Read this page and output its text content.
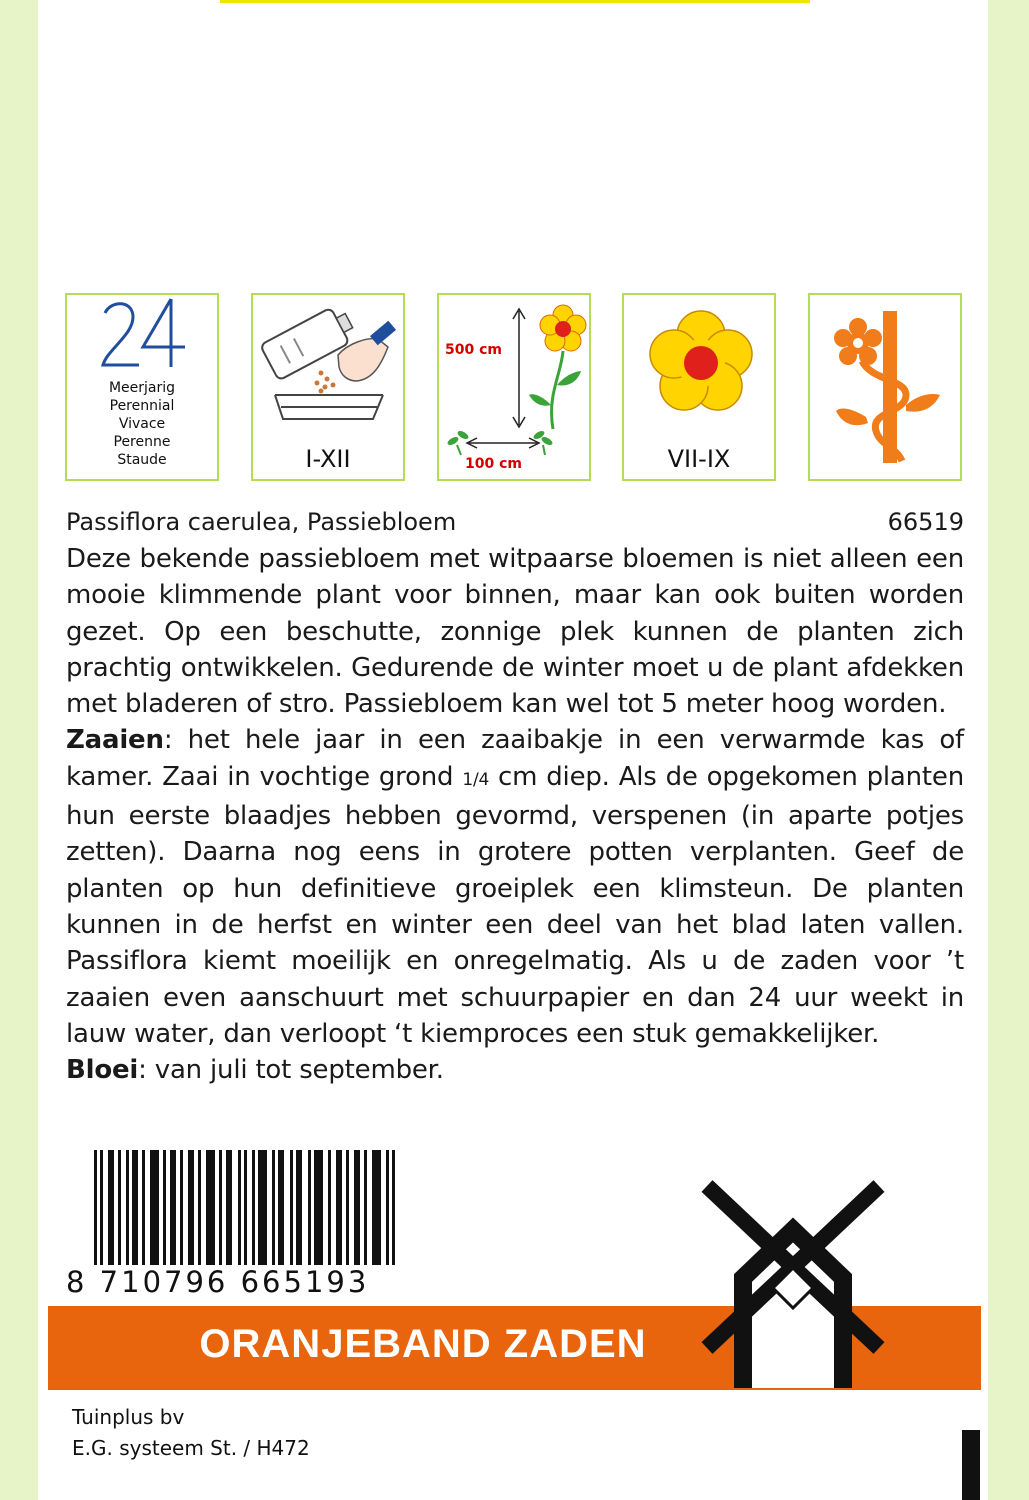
Meerjarig
Perennial
Vivace
Perenne
Staude	I-XII
500 cm
100 cm	VII-IX
Passiflora caerulea, Passiebloem	66519

Deze bekende passiebloem met witpaarse bloemen is niet alleen een mooie klimmende plant voor binnen, maar kan ook buiten worden gezet. Op een beschutte, zonnige plek kunnen de planten zich prachtig ontwikkelen. Gedurende de winter moet u de plant afdekken met bladeren of stro. Passiebloem kan wel tot 5 meter hoog worden.

Zaaien: het hele jaar in een zaaibakje in een verwarmde kas of kamer. Zaai in vochtige grond 1/4 cm diep. Als de opgekomen planten hun eerste blaadjes hebben gevormd, verspenen (in aparte potjes zetten). Daarna nog eens in grotere potten verplanten. Geef de planten op hun definitieve groeiplek een klimsteun. De planten kunnen in de herfst en winter een deel van het blad laten vallen. Passiflora kiemt moeilijk en onregelmatig. Als u de zaden voor ’t zaaien even aanschuurt met schuurpapier en dan 24 uur weekt in lauw water, dan verloopt ‘t kiemproces een stuk gemakkelijker.

Bloei: van juli tot september.

8 710796 665193
ORANJEBAND ZADEN
Tuinplus bv
E.G. systeem St. / H472
